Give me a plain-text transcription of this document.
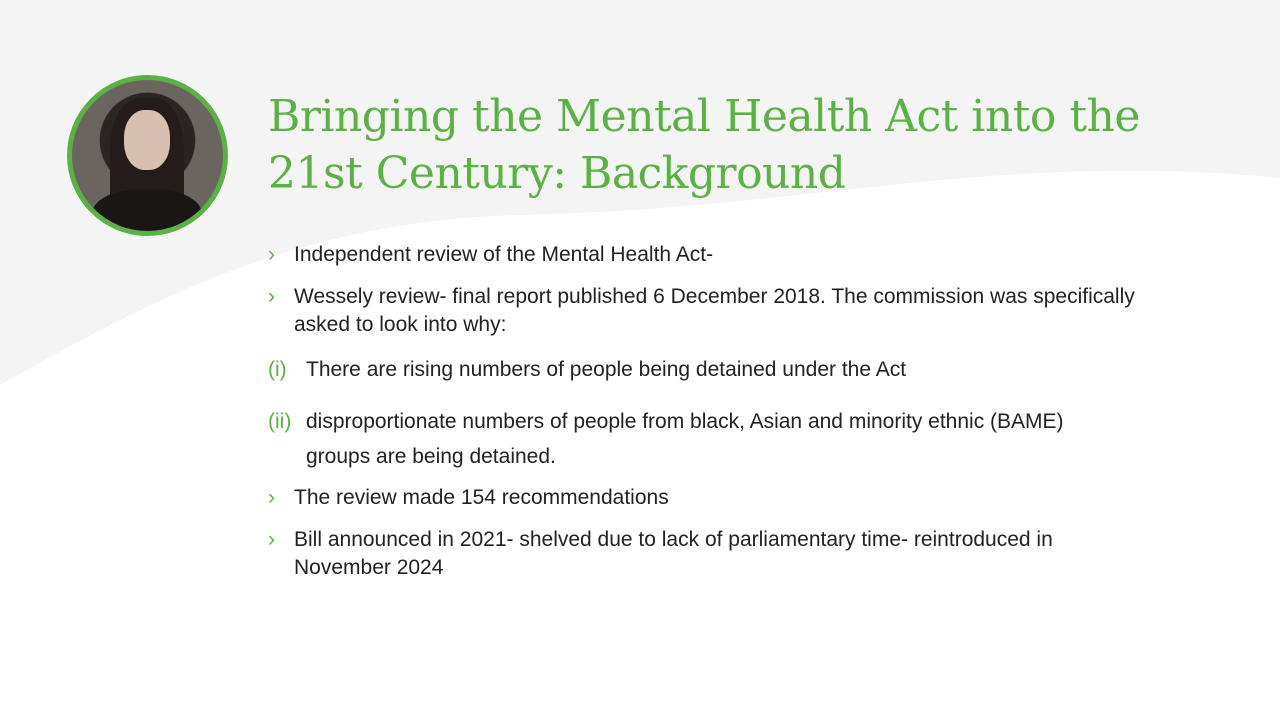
Bringing the Mental Health Act into the 21st Century: Background
› Independent review of the Mental Health Act-
› Wessely review- final report published 6 December 2018. The commission was specifically asked to look into why:
(i) There are rising numbers of people being detained under the Act
(ii) disproportionate numbers of people from black, Asian and minority ethnic (BAME) groups are being detained.
› The review made 154 recommendations
› Bill announced in 2021- shelved due to lack of parliamentary time- reintroduced in November 2024
